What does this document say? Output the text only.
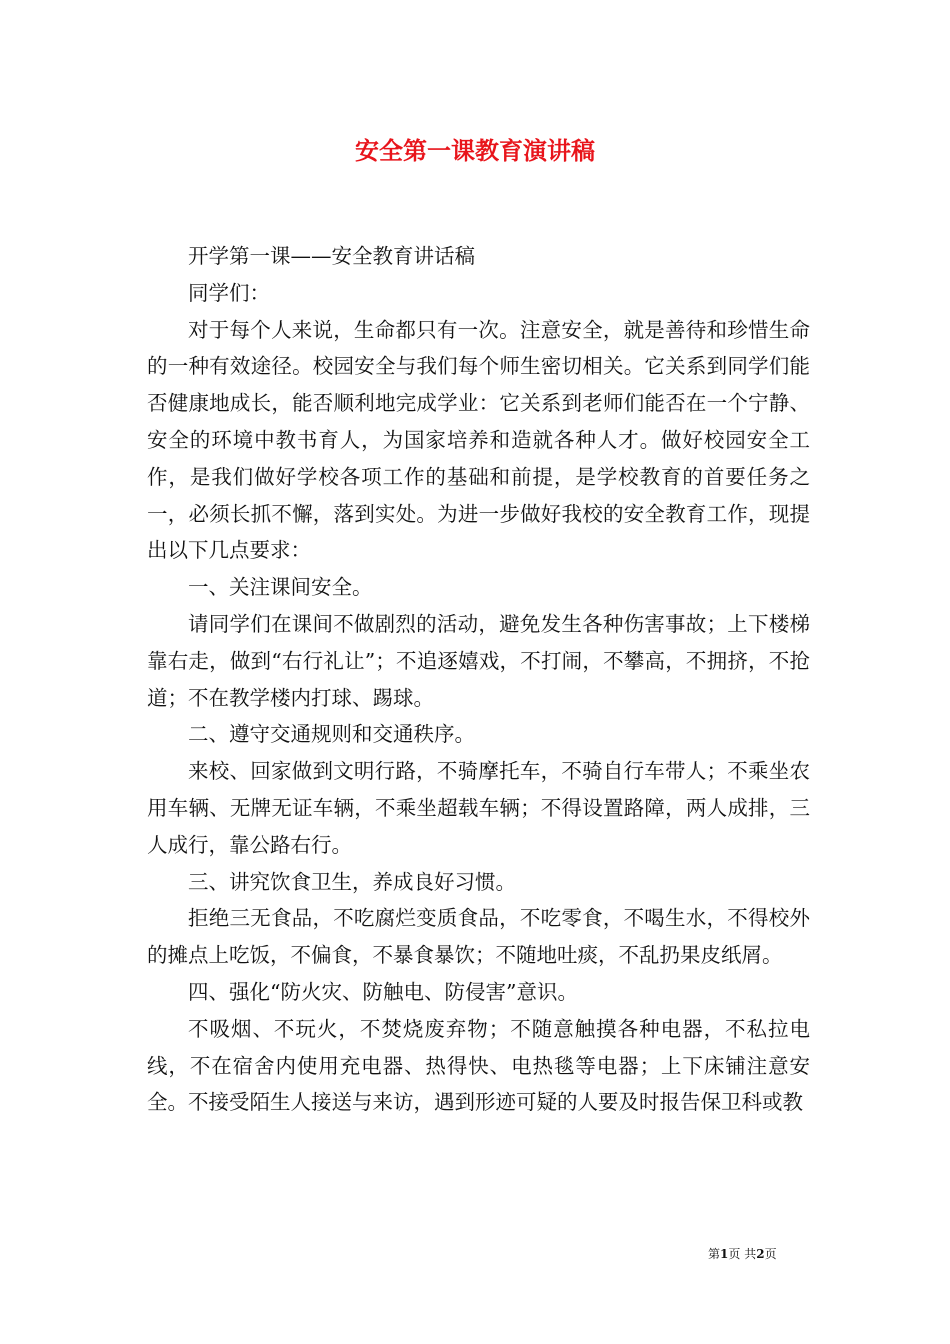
安全第一课教育演讲稿

开学第一课——安全教育讲话稿

同学们：

对于每个人来说，生命都只有一次。注意安全，就是善待和珍惜生命的一种有效途径。校园安全与我们每个师生密切相关。它关系到同学们能否健康地成长，能否顺利地完成学业：它关系到老师们能否在一个宁静、安全的环境中教书育人，为国家培养和造就各种人才。做好校园安全工作，是我们做好学校各项工作的基础和前提，是学校教育的首要任务之一，必须长抓不懈，落到实处。为进一步做好我校的安全教育工作，现提出以下几点要求：

一、关注课间安全。

请同学们在课间不做剧烈的活动，避免发生各种伤害事故；上下楼梯靠右走，做到“右行礼让”；不追逐嬉戏，不打闹，不攀高，不拥挤，不抢道；不在教学楼内打球、踢球。

二、遵守交通规则和交通秩序。

来校、回家做到文明行路，不骑摩托车，不骑自行车带人；不乘坐农用车辆、无牌无证车辆，不乘坐超载车辆；不得设置路障，两人成排，三人成行，靠公路右行。

三、讲究饮食卫生，养成良好习惯。

拒绝三无食品，不吃腐烂变质食品，不吃零食，不喝生水，不得校外的摊点上吃饭，不偏食，不暴食暴饮；不随地吐痰，不乱扔果皮纸屑。

四、强化“防火灾、防触电、防侵害”意识。

不吸烟、不玩火，不焚烧废弃物；不随意触摸各种电器，不私拉电线，不在宿舍内使用充电器、热得快、电热毯等电器；上下床铺注意安全。不接受陌生人接送与来访，遇到形迹可疑的人要及时报告保卫科或教

第1页 共2页
